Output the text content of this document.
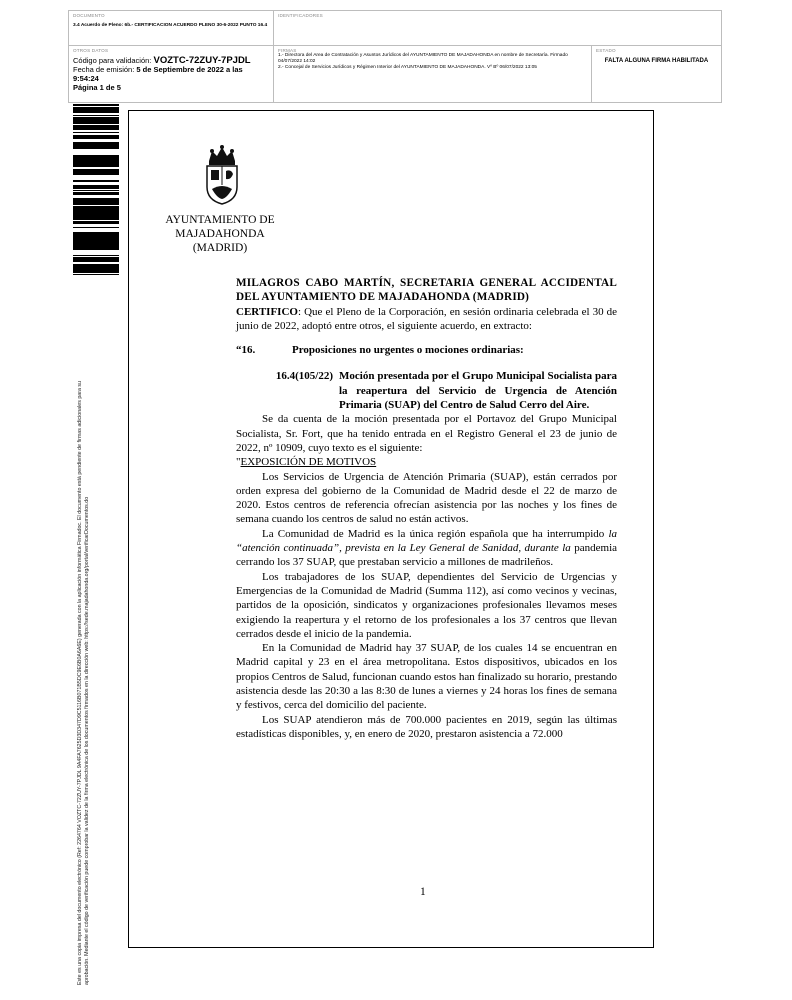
DOCUMENTO
3.4 Acuerdo de Pleno: 6b.- CERTIFICACION ACUERDO PLENO 30-6-2022 PUNTO 16.4
IDENTIFICADORES
OTROS DATOS
Código para validación: VOZTC-72ZUY-7PJDL
Fecha de emisión: 5 de Septiembre de 2022 a las 9:54:24
Página 1 de 5
FIRMAS
1.- Directora del Area de Contratación y Asuntos Jurídicos del AYUNTAMIENTO DE MAJADAHONDA en nombre de Secretaría. Firmado 04/07/2022 14:02
2.- Concejal de Servicios Jurídicos y Régimen Interior del AYUNTAMIENTO DE MAJADAHONDA. Vº Bº 06/07/2022 13:05
ESTADO
FALTA ALGUNA FIRMA HABILITADA

Este es una copia impresa del documento electrónico (Ref: 2264764 VOZTC-72ZUY-7PJDL 9A4FA7625D3D347D9C5116B071B5DC9E6B0A6A6E) generada con la aplicación informática Firmadoc. El documento está pendiente de firmas adicionales para su aprobación. Mediante el código de verificación puede comprobar la validez de la firma electrónica de los documentos firmados en la dirección web: https://sede.majadahonda.org/portal/verificarDocumentos.do

AYUNTAMIENTO DE
MAJADAHONDA
(MADRID)

MILAGROS CABO MARTÍN, SECRETARIA GENERAL ACCIDENTAL DEL AYUNTAMIENTO DE MAJADAHONDA (MADRID)

CERTIFICO: Que el Pleno de la Corporación, en sesión ordinaria celebrada el 30 de junio de 2022, adoptó entre otros, el siguiente acuerdo, en extracto:

“16.	Proposiciones no urgentes o mociones ordinarias:
16.4(105/22) Moción presentada por el Grupo Municipal Socialista para la reapertura del Servicio de Urgencia de Atención Primaria (SUAP) del Centro de Salud Cerro del Aire.

Se da cuenta de la moción presentada por el Portavoz del Grupo Municipal Socialista, Sr. Fort, que ha tenido entrada en el Registro General el 23 de junio de 2022, nº 10909, cuyo texto es el siguiente:

"EXPOSICIÓN DE MOTIVOS

Los Servicios de Urgencia de Atención Primaria (SUAP), están cerrados por orden expresa del gobierno de la Comunidad de Madrid desde el 22 de marzo de 2020. Estos centros de referencia ofrecían asistencia por las noches y los fines de semana cuando los centros de salud no están activos.

La Comunidad de Madrid es la única región española que ha interrumpido la “atención continuada”, prevista en la Ley General de Sanidad, durante la pandemia cerrando los 37 SUAP, que prestaban servicio a millones de madrileños.

Los trabajadores de los SUAP, dependientes del Servicio de Urgencias y Emergencias de la Comunidad de Madrid (Summa 112), así como vecinos y vecinas, partidos de la oposición, sindicatos y organizaciones profesionales llevamos meses exigiendo la reapertura y el retorno de los profesionales a los 37 centros que llevan cerrados desde el inicio de la pandemia.

En la Comunidad de Madrid hay 37 SUAP, de los cuales 14 se encuentran en Madrid capital y 23 en el área metropolitana. Estos dispositivos, ubicados en los propios Centros de Salud, funcionan cuando estos han finalizado su horario, prestando asistencia desde las 20:30 a las 8:30 de lunes a viernes y 24 horas los fines de semana y festivos, cerca del domicilio del paciente.

Los SUAP atendieron más de 700.000 pacientes en 2019, según las últimas estadísticas disponibles, y, en enero de 2020, prestaron asistencia a 72.000

1
